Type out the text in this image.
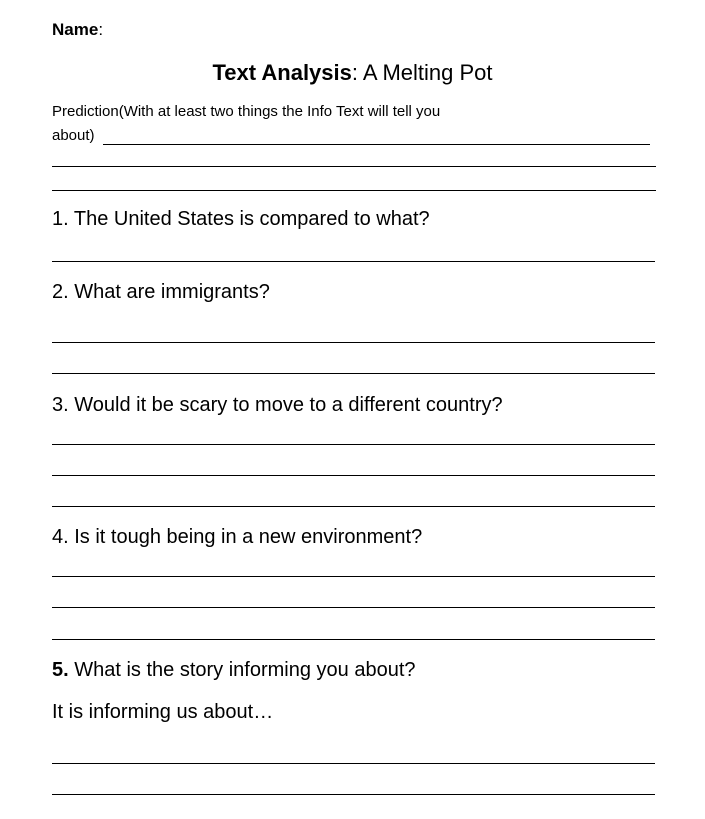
Name:
Text Analysis: A Melting Pot
Prediction(With at least two things the Info Text will tell you
about)
1. The United States is compared to what?
2. What are immigrants?
3. Would it be scary to move to a different country?
4. Is it tough being in a new environment?
5. What is the story informing you about?
It is informing us about…
